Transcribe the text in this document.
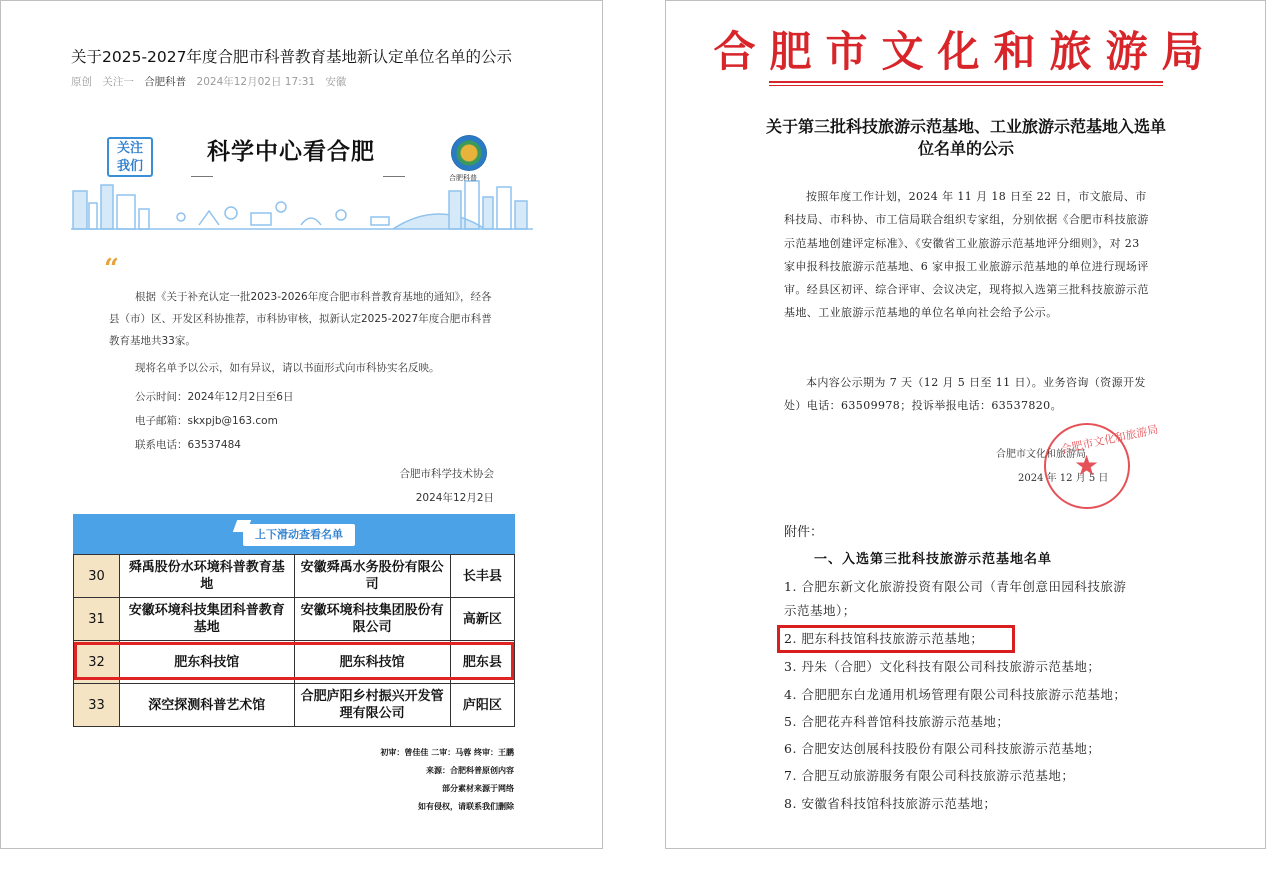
关于2025-2027年度合肥市科普教育基地新认定单位名单的公示
原创 关注一 合肥科普 2024年12月02日 17:31 安徽
关注
我们
科学中心看合肥
合肥科普
“
根据《关于补充认定一批2023-2026年度合肥市科普教育基地的通知》，经各县（市）区、开发区科协推荐，市科协审核，拟新认定2025-2027年度合肥市科普教育基地共33家。
现将名单予以公示，如有异议，请以书面形式向市科协实名反映。
公示时间：2024年12月2日至6日
电子邮箱：skxpjb@163.com
联系电话：63537484
合肥市科学技术协会
2024年12月2日
上下滑动查看名单
30	舜禹股份水环境科普教育基地	安徽舜禹水务股份有限公司	长丰县
31	安徽环境科技集团科普教育基地	安徽环境科技集团股份有限公司	高新区
32	肥东科技馆	肥东科技馆	肥东县
33	深空探测科普艺术馆	合肥庐阳乡村振兴开发管理有限公司	庐阳区
初审：曾佳佳 二审：马蓉 终审：王鹏
来源：合肥科普原创内容
部分素材来源于网络
如有侵权，请联系我们删除
合肥市文化和旅游局
关于第三批科技旅游示范基地、工业旅游示范基地入选单位名单的公示
按照年度工作计划，2024 年 11 月 18 日至 22 日，市文旅局、市科技局、市科协、市工信局联合组织专家组，分别依据《合肥市科技旅游示范基地创建评定标准》、《安徽省工业旅游示范基地评分细则》，对 23 家申报科技旅游示范基地、6 家申报工业旅游示范基地的单位进行现场评审。经县区初评、综合评审、会议决定，现将拟入选第三批科技旅游示范基地、工业旅游示范基地的单位名单向社会给予公示。
本内容公示期为 7 天（12 月 5 日至 11 日）。业务咨询（资源开发处）电话：63509978；投诉举报电话：63537820。
合肥市文化和旅游局
2024 年 12 月 5 日
合肥市文化和旅游局
★
附件：
一、入选第三批科技旅游示范基地名单
1. 合肥东新文化旅游投资有限公司（青年创意田园科技旅游
示范基地）；
2. 肥东科技馆科技旅游示范基地；
3. 丹朱（合肥）文化科技有限公司科技旅游示范基地；
4. 合肥肥东白龙通用机场管理有限公司科技旅游示范基地；
5. 合肥花卉科普馆科技旅游示范基地；
6. 合肥安达创展科技股份有限公司科技旅游示范基地；
7. 合肥互动旅游服务有限公司科技旅游示范基地；
8. 安徽省科技馆科技旅游示范基地；
